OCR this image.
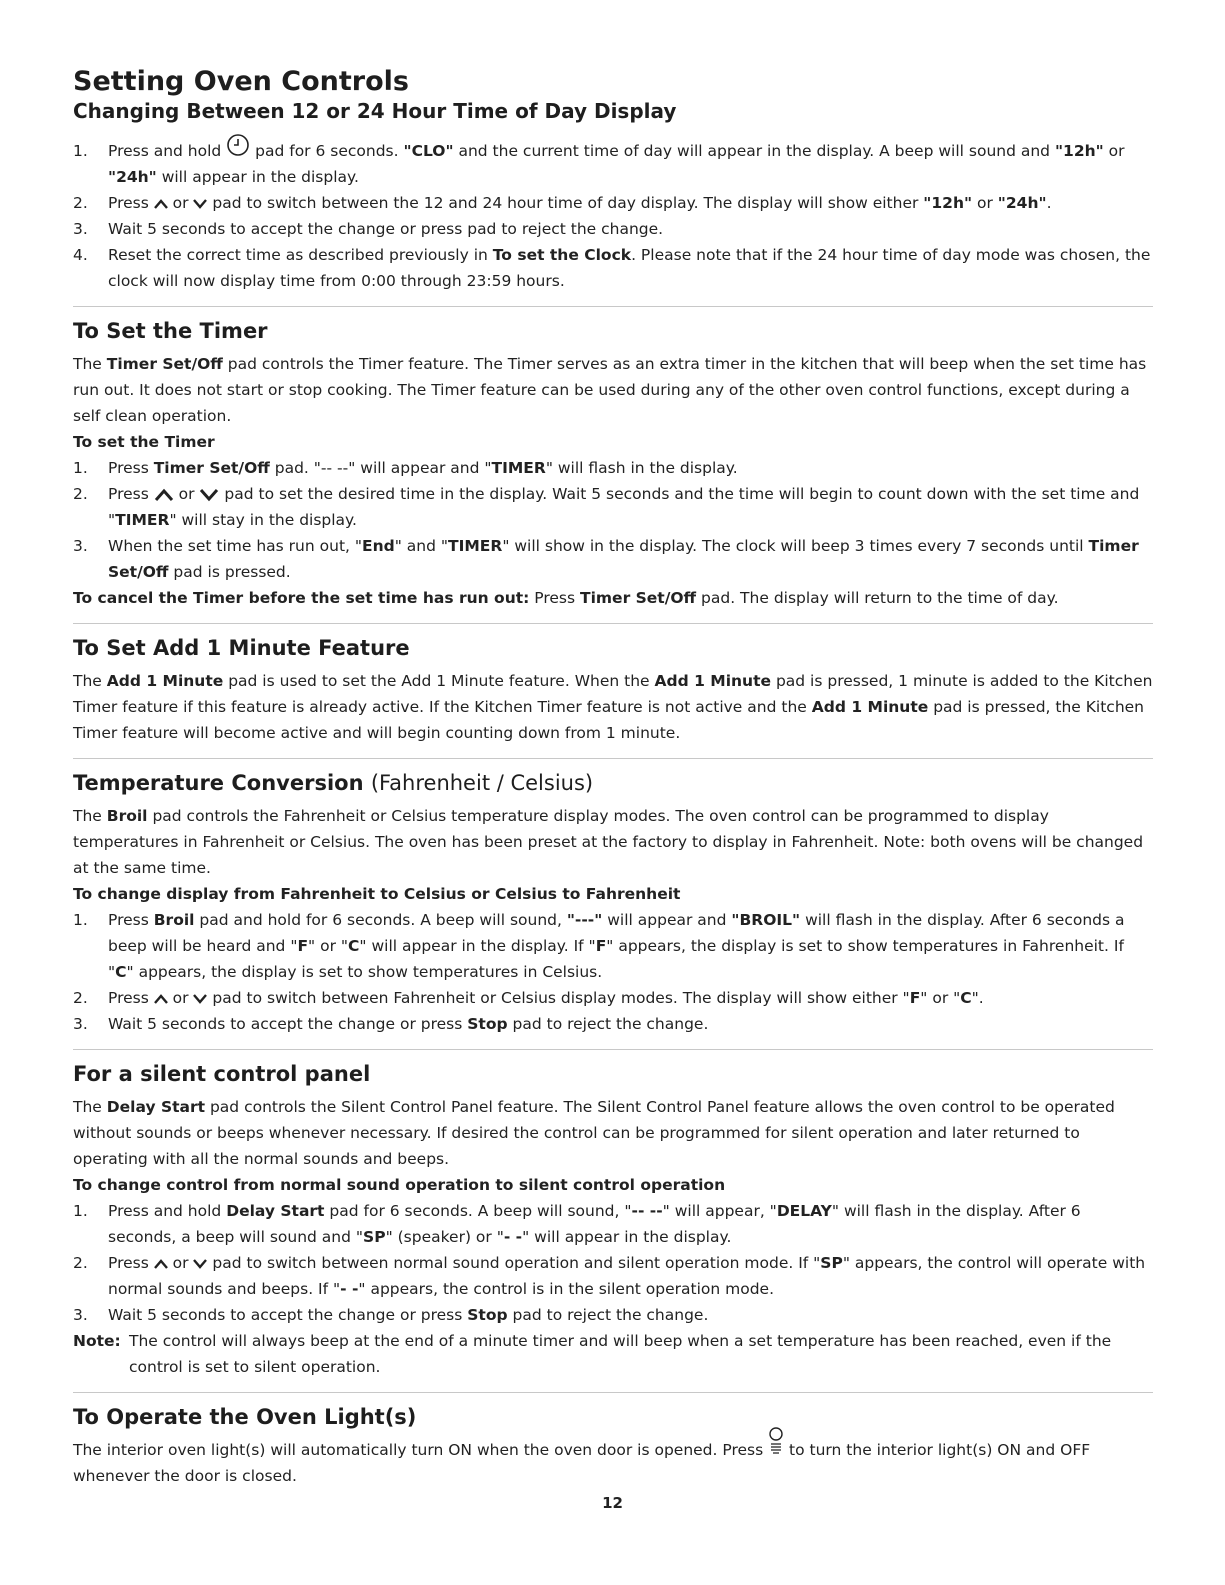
Setting Oven Controls
Changing Between 12 or 24 Hour Time of Day Display
1. Press and hold pad for 6 seconds. "CLO" and the current time of day will appear in the display. A beep will sound and "12h" or "24h" will appear in the display.
2. Press or pad to switch between the 12 and 24 hour time of day display. The display will show either "12h" or "24h".
3. Wait 5 seconds to accept the change or press pad to reject the change.
4. Reset the correct time as described previously in To set the Clock. Please note that if the 24 hour time of day mode was chosen, the clock will now display time from 0:00 through 23:59 hours.
To Set the Timer

The Timer Set/Off pad controls the Timer feature. The Timer serves as an extra timer in the kitchen that will beep when the set time has run out. It does not start or stop cooking. The Timer feature can be used during any of the other oven control functions, except during a self clean operation.

To set the Timer
1. Press Timer Set/Off pad. "-- --" will appear and "TIMER" will flash in the display.
2. Press or pad to set the desired time in the display. Wait 5 seconds and the time will begin to count down with the set time and "TIMER" will stay in the display.
3. When the set time has run out, "End" and "TIMER" will show in the display. The clock will beep 3 times every 7 seconds until Timer Set/Off pad is pressed.

To cancel the Timer before the set time has run out: Press Timer Set/Off pad. The display will return to the time of day.

To Set Add 1 Minute Feature

The Add 1 Minute pad is used to set the Add 1 Minute feature. When the Add 1 Minute pad is pressed, 1 minute is added to the Kitchen Timer feature if this feature is already active. If the Kitchen Timer feature is not active and the Add 1 Minute pad is pressed, the Kitchen Timer feature will become active and will begin counting down from 1 minute.

Temperature Conversion (Fahrenheit / Celsius)

The Broil pad controls the Fahrenheit or Celsius temperature display modes. The oven control can be programmed to display temperatures in Fahrenheit or Celsius. The oven has been preset at the factory to display in Fahrenheit. Note: both ovens will be changed at the same time.

To change display from Fahrenheit to Celsius or Celsius to Fahrenheit
1. Press Broil pad and hold for 6 seconds. A beep will sound, "---" will appear and "BROIL" will flash in the display. After 6 seconds a beep will be heard and "F" or "C" will appear in the display. If "F" appears, the display is set to show temperatures in Fahrenheit. If "C" appears, the display is set to show temperatures in Celsius.
2. Press or pad to switch between Fahrenheit or Celsius display modes. The display will show either "F" or "C".
3. Wait 5 seconds to accept the change or press Stop pad to reject the change.
For a silent control panel

The Delay Start pad controls the Silent Control Panel feature. The Silent Control Panel feature allows the oven control to be operated without sounds or beeps whenever necessary. If desired the control can be programmed for silent operation and later returned to operating with all the normal sounds and beeps.

To change control from normal sound operation to silent control operation
1. Press and hold Delay Start pad for 6 seconds. A beep will sound, "-- --" will appear, "DELAY" will flash in the display. After 6 seconds, a beep will sound and "SP" (speaker) or "- -" will appear in the display.
2. Press or pad to switch between normal sound operation and silent operation mode. If "SP" appears, the control will operate with normal sounds and beeps. If "- -" appears, the control is in the silent operation mode.
3. Wait 5 seconds to accept the change or press Stop pad to reject the change.
Note: The control will always beep at the end of a minute timer and will beep when a set temperature has been reached, even if the control is set to silent operation.
To Operate the Oven Light(s)

The interior oven light(s) will automatically turn ON when the oven door is opened. Press to turn the interior light(s) ON and OFF whenever the door is closed.

12
